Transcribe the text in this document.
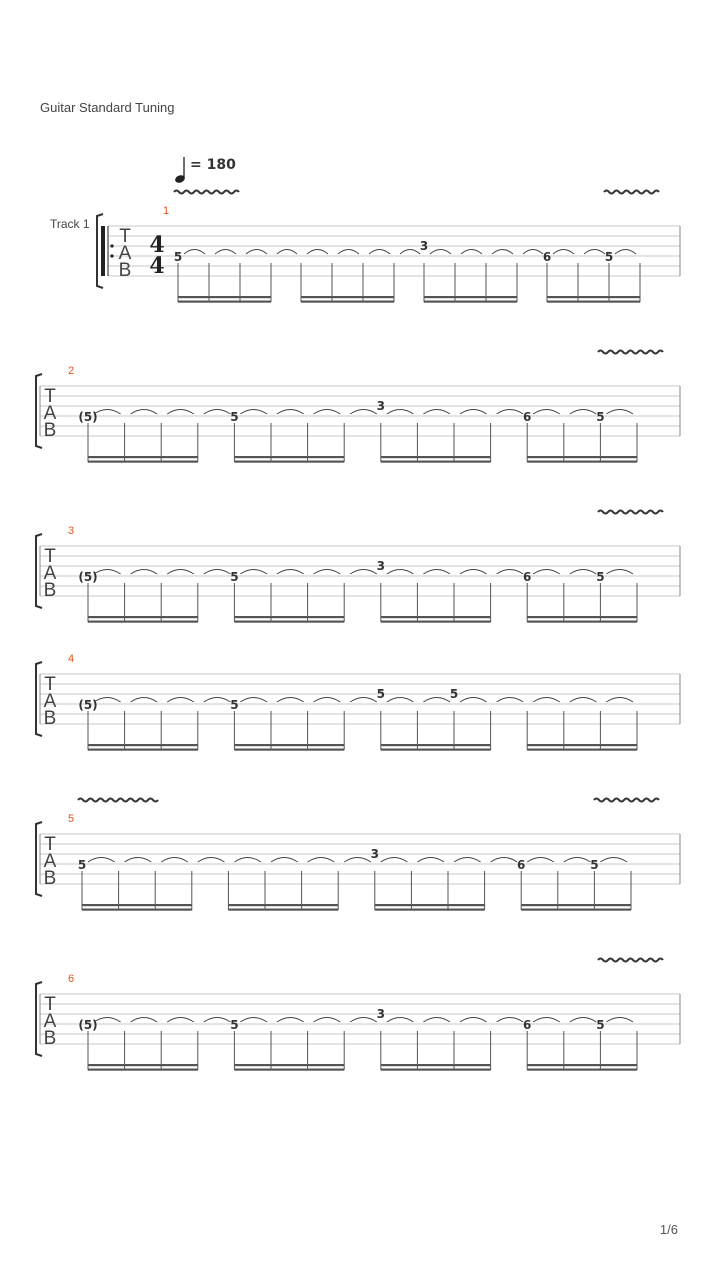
Guitar Standard Tuning
Track 1
1/6
T
A
B
4
4
= 180
1
5
3
6	5
T
A
B
2
(5)	5
3
6	5
T
A
B
3
(5)	5
3
6	5
T
A
B
4
(5)	5
5	5
T
A
B
5
5
3
6	5
T
A
B
6
(5)	5
3
6	5
